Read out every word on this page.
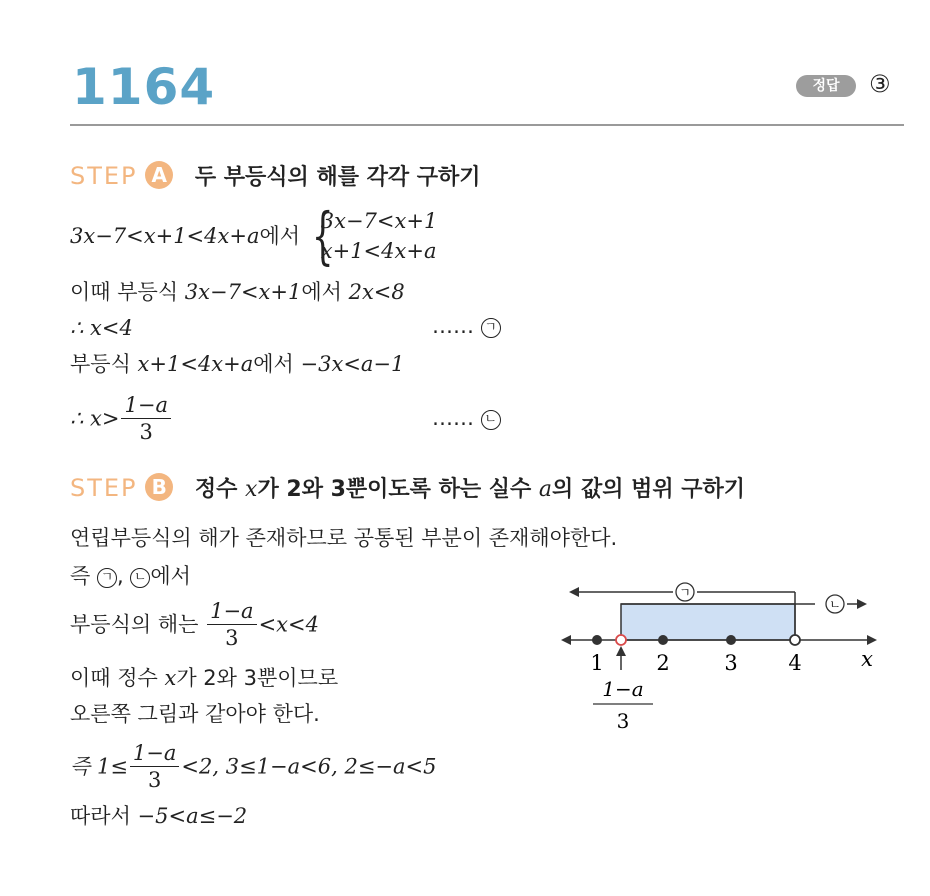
1164	정답	③
STEP A 두 부등식의 해를 각각 구하기
3x−7<x+1<4x+a에서 {
3x−7<x+1
x+1<4x+a
이때 부등식 3x−7<x+1에서 2x<8
∴ x<4	…… ㄱ
부등식 x+1<4x+a에서 −3x<a−1
∴ $x> \frac{1-a}{3}$	…… ㄴ
STEP B 정수 x가 2와 3뿐이도록 하는 실수 a의 값의 범위 구하기
연립부등식의 해가 존재하므로 공통된 부분이 존재해야한다.
즉 ㄱ , ㄴ 에서
부등식의 해는 $\frac{1-a}{3} <x<4$
이때 정수 x가 2와 3뿐이므로
오른쪽 그림과 같아야 한다.
즉 $1\le \frac{1-a}{3} <2$, 3≤1−a<6, 2≤−a<5
따라서 −5<a≤−2
ㄱ
ㄴ
1	2	3 4	x
1−a
3
